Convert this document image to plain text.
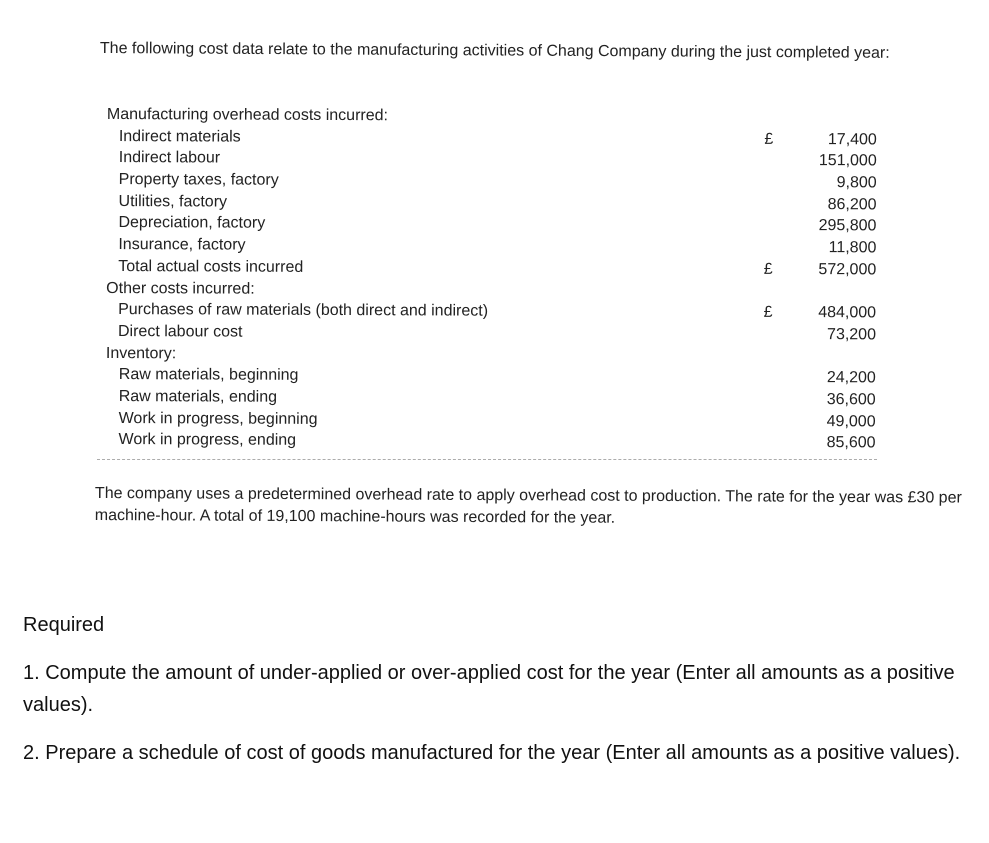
The following cost data relate to the manufacturing activities of Chang Company during the just completed year:
Manufacturing overhead costs incurred:
Indirect materials	£	17,400
Indirect labour	151,000
Property taxes, factory	9,800
Utilities, factory	86,200
Depreciation, factory	295,800
Insurance, factory	11,800
Total actual costs incurred	£	572,000
Other costs incurred:
Purchases of raw materials (both direct and indirect)	£	484,000
Direct labour cost	73,200
Inventory:
Raw materials, beginning	24,200
Raw materials, ending	36,600
Work in progress, beginning	49,000
Work in progress, ending	85,600
The company uses a predetermined overhead rate to apply overhead cost to production. The rate for the year was £30 per machine-hour. A total of 19,100 machine-hours was recorded for the year.
Required
1. Compute the amount of under-applied or over-applied cost for the year (Enter all amounts as a positive values).
2. Prepare a schedule of cost of goods manufactured for the year (Enter all amounts as a positive values).
